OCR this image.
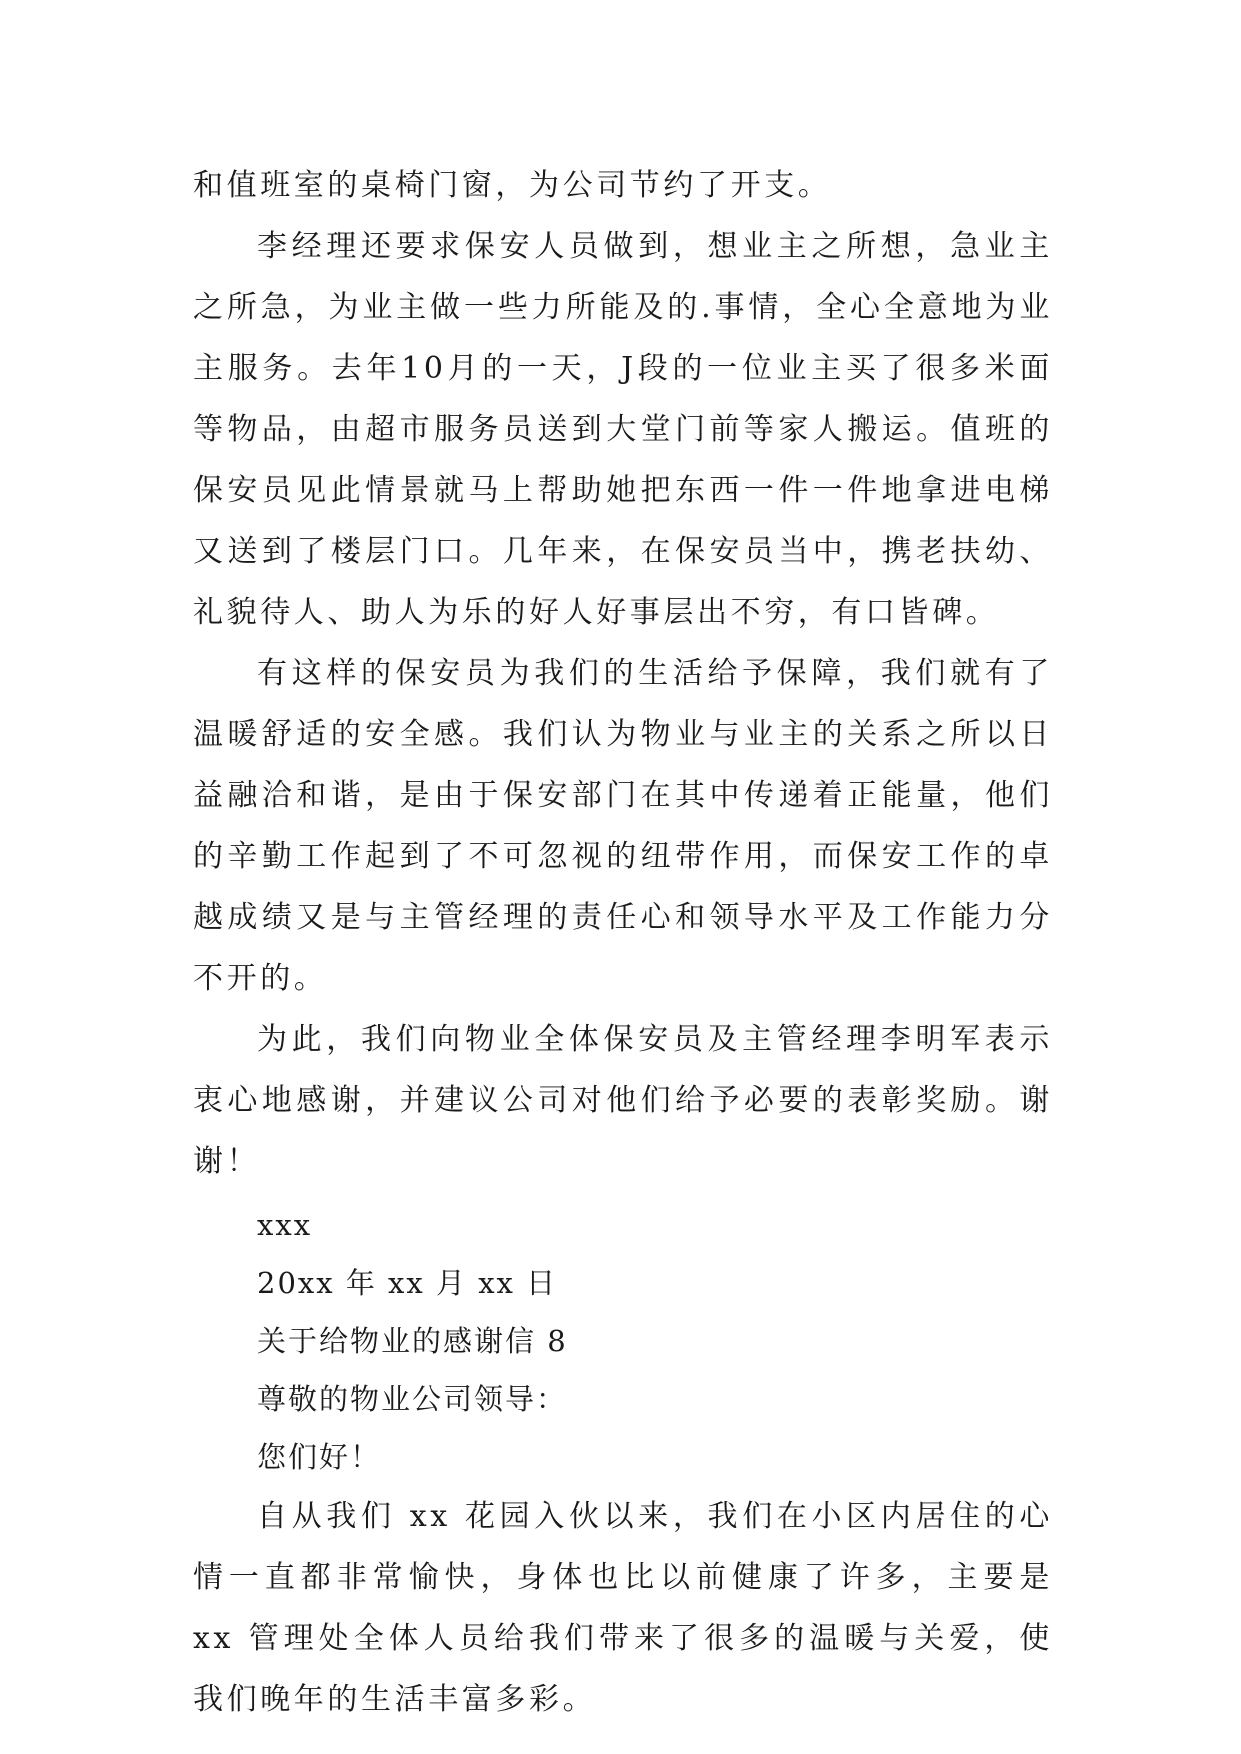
和值班室的桌椅门窗，为公司节约了开支。

李经理还要求保安人员做到，想业主之所想，急业主之所急，为业主做一些力所能及的.事情，全心全意地为业主服务。去年10月的一天，J段的一位业主买了很多米面等物品，由超市服务员送到大堂门前等家人搬运。值班的保安员见此情景就马上帮助她把东西一件一件地拿进电梯又送到了楼层门口。几年来，在保安员当中，携老扶幼、礼貌待人、助人为乐的好人好事层出不穷，有口皆碑。

有这样的保安员为我们的生活给予保障，我们就有了温暖舒适的安全感。我们认为物业与业主的关系之所以日益融洽和谐，是由于保安部门在其中传递着正能量，他们的辛勤工作起到了不可忽视的纽带作用，而保安工作的卓越成绩又是与主管经理的责任心和领导水平及工作能力分不开的。

为此，我们向物业全体保安员及主管经理李明军表示衷心地感谢，并建议公司对他们给予必要的表彰奖励。谢谢！

xxx

20xx 年 xx 月 xx 日

关于给物业的感谢信 8

尊敬的物业公司领导：

您们好！

自从我们 xx 花园入伙以来，我们在小区内居住的心情一直都非常愉快，身体也比以前健康了许多，主要是 xx 管理处全体人员给我们带来了很多的温暖与关爱，使我们晚年的生活丰富多彩。
